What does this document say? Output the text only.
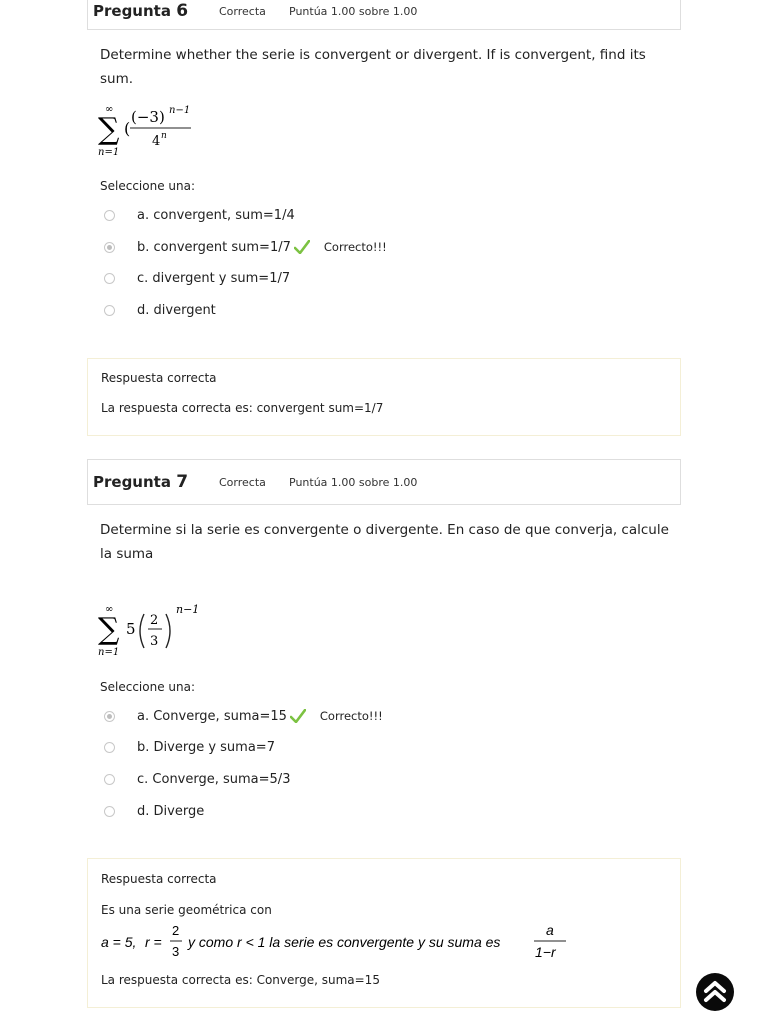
Pregunta 6	Correcta	Puntúa 1.00 sobre 1.00
Determine whether the serie is convergent or divergent. If is convergent, find its sum.
∞
∑
n=1
(
(−3) n−1
4 n
Seleccione una:
a. convergent, sum=1/4
b. convergent sum=1/7	Correcto!!!
c. divergent y sum=1/7
d. divergent
Respuesta correcta
La respuesta correcta es: convergent sum=1/7
Pregunta 7	Correcta	Puntúa 1.00 sobre 1.00
Determine si la serie es convergente o divergente. En caso de que converja, calcule la suma
∞
∑
n=1
5 2
3
n−1
Seleccione una:
a. Converge, suma=15	Correcto!!!
b. Diverge y suma=7
c. Converge, suma=5/3
d. Diverge
Respuesta correcta
Es una serie geométrica con
a = 5, r =
2
3
y como r < 1 la serie es convergente y su suma es
a
1−r
La respuesta correcta es: Converge, suma=15
